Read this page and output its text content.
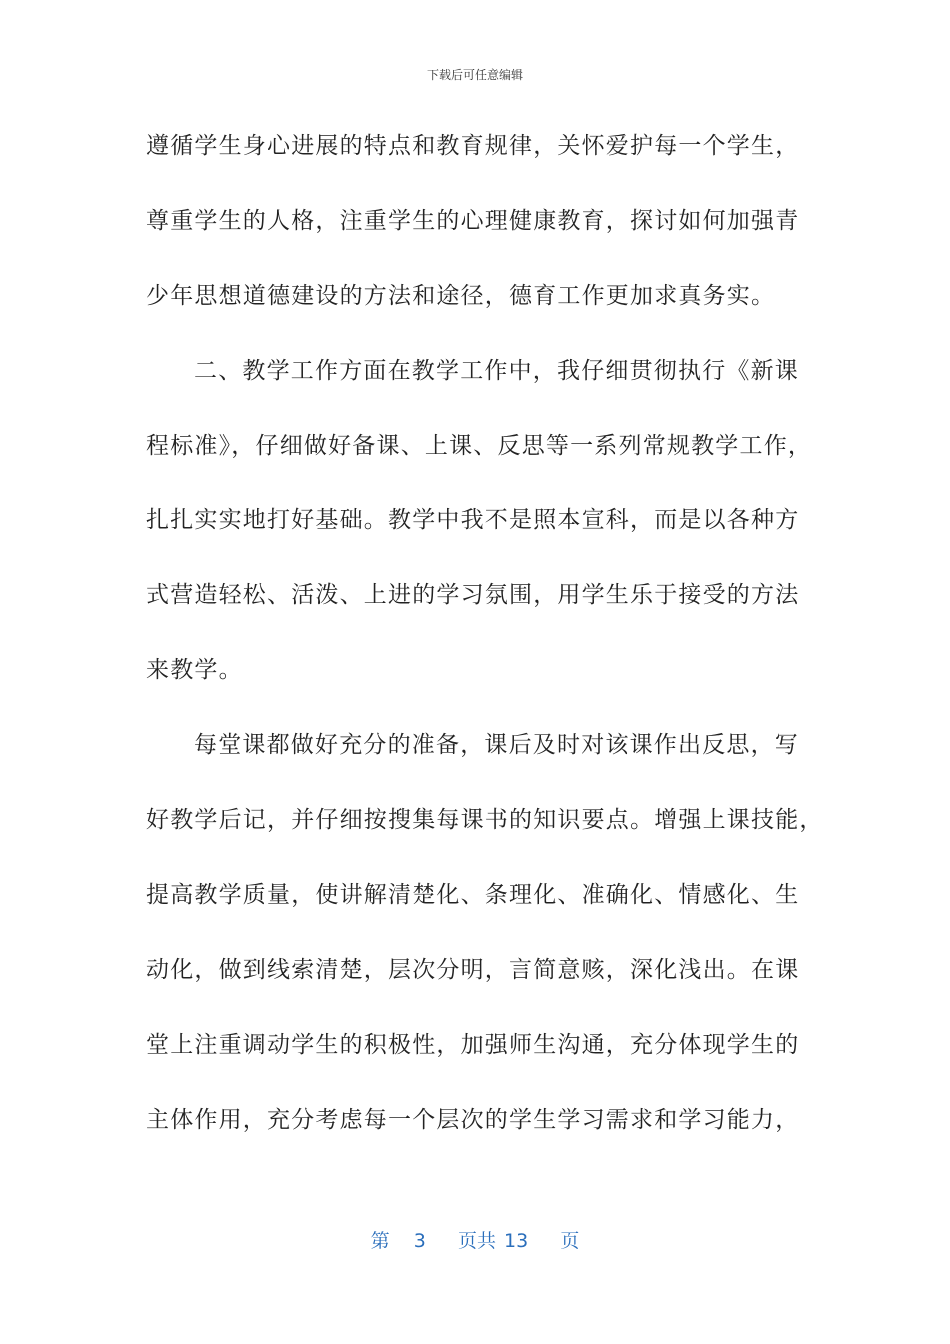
下载后可任意编辑
遵循学生身心进展的特点和教育规律，关怀爱护每一个学生，
尊重学生的人格，注重学生的心理健康教育，探讨如何加强青
少年思想道德建设的方法和途径，德育工作更加求真务实。
二、教学工作方面在教学工作中，我仔细贯彻执行《新课
程标准》，仔细做好备课、上课、反思等一系列常规教学工作，
扎扎实实地打好基础。教学中我不是照本宣科，而是以各种方
式营造轻松、活泼、上进的学习氛围，用学生乐于接受的方法
来教学。
每堂课都做好充分的准备，课后及时对该课作出反思，写
好教学后记，并仔细按搜集每课书的知识要点。增强上课技能，
提高教学质量，使讲解清楚化、条理化、准确化、情感化、生
动化，做到线索清楚，层次分明，言简意赅，深化浅出。在课
堂上注重调动学生的积极性，加强师生沟通，充分体现学生的
主体作用，充分考虑每一个层次的学生学习需求和学习能力，
第 3 页共 13 页
